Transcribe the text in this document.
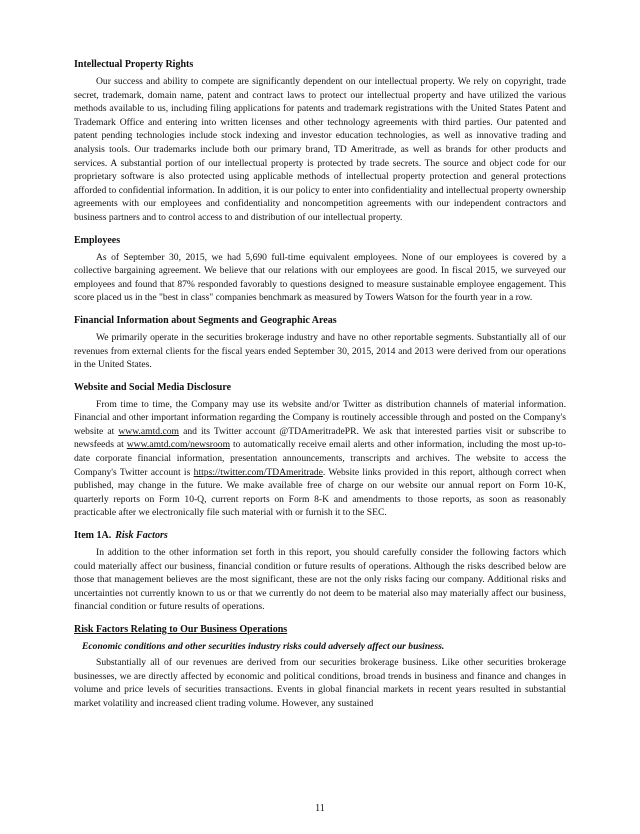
Intellectual Property Rights

Our success and ability to compete are significantly dependent on our intellectual property. We rely on copyright, trade secret, trademark, domain name, patent and contract laws to protect our intellectual property and have utilized the various methods available to us, including filing applications for patents and trademark registrations with the United States Patent and Trademark Office and entering into written licenses and other technology agreements with third parties. Our patented and patent pending technologies include stock indexing and investor education technologies, as well as innovative trading and analysis tools. Our trademarks include both our primary brand, TD Ameritrade, as well as brands for other products and services. A substantial portion of our intellectual property is protected by trade secrets. The source and object code for our proprietary software is also protected using applicable methods of intellectual property protection and general protections afforded to confidential information. In addition, it is our policy to enter into confidentiality and intellectual property ownership agreements with our employees and confidentiality and noncompetition agreements with our independent contractors and business partners and to control access to and distribution of our intellectual property.

Employees

As of September 30, 2015, we had 5,690 full-time equivalent employees. None of our employees is covered by a collective bargaining agreement. We believe that our relations with our employees are good. In fiscal 2015, we surveyed our employees and found that 87% responded favorably to questions designed to measure sustainable employee engagement. This score placed us in the "best in class" companies benchmark as measured by Towers Watson for the fourth year in a row.

Financial Information about Segments and Geographic Areas

We primarily operate in the securities brokerage industry and have no other reportable segments. Substantially all of our revenues from external clients for the fiscal years ended September 30, 2015, 2014 and 2013 were derived from our operations in the United States.

Website and Social Media Disclosure

From time to time, the Company may use its website and/or Twitter as distribution channels of material information. Financial and other important information regarding the Company is routinely accessible through and posted on the Company's website at www.amtd.com and its Twitter account @TDAmeritradePR. We ask that interested parties visit or subscribe to newsfeeds at www.amtd.com/newsroom to automatically receive email alerts and other information, including the most up-to-date corporate financial information, presentation announcements, transcripts and archives. The website to access the Company's Twitter account is https://twitter.com/TDAmeritrade. Website links provided in this report, although correct when published, may change in the future. We make available free of charge on our website our annual report on Form 10-K, quarterly reports on Form 10-Q, current reports on Form 8-K and amendments to those reports, as soon as reasonably practicable after we electronically file such material with or furnish it to the SEC.

Item 1A. Risk Factors

In addition to the other information set forth in this report, you should carefully consider the following factors which could materially affect our business, financial condition or future results of operations. Although the risks described below are those that management believes are the most significant, these are not the only risks facing our company. Additional risks and uncertainties not currently known to us or that we currently do not deem to be material also may materially affect our business, financial condition or future results of operations.

Risk Factors Relating to Our Business Operations
Economic conditions and other securities industry risks could adversely affect our business.

Substantially all of our revenues are derived from our securities brokerage business. Like other securities brokerage businesses, we are directly affected by economic and political conditions, broad trends in business and finance and changes in volume and price levels of securities transactions. Events in global financial markets in recent years resulted in substantial market volatility and increased client trading volume. However, any sustained

11
